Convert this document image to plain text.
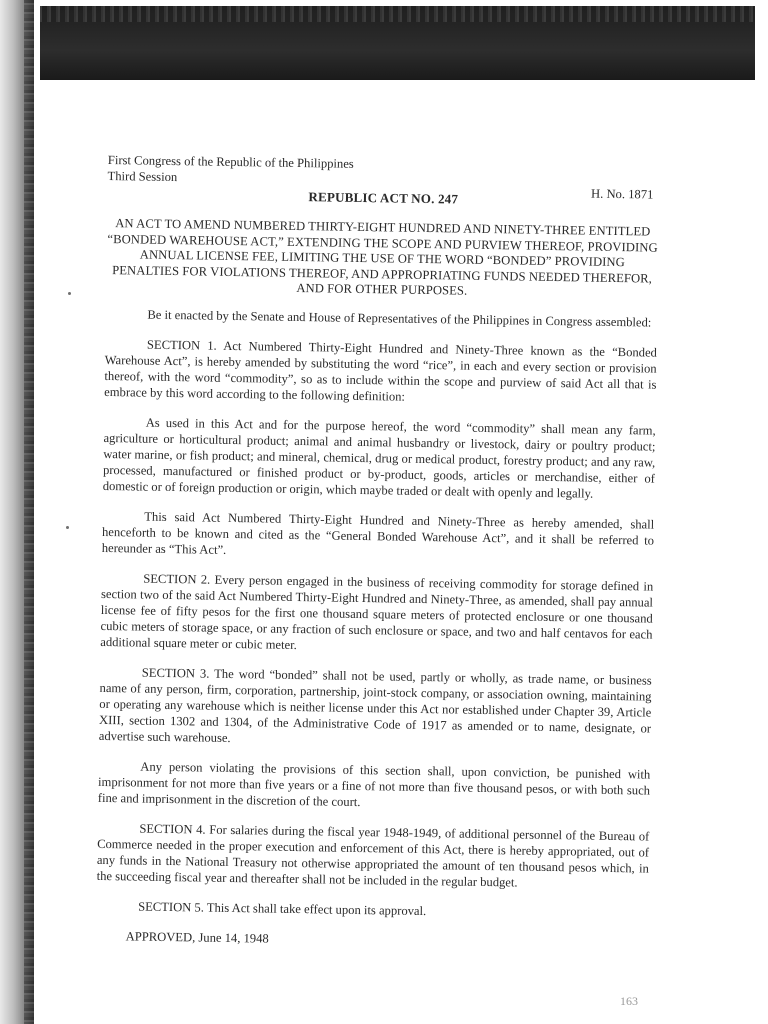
First Congress of the Republic of the Philippines
Third Session
H. No. 1871
REPUBLIC ACT NO. 247
AN ACT TO AMEND NUMBERED THIRTY-EIGHT HUNDRED AND NINETY-THREE ENTITLED “BONDED WAREHOUSE ACT,” EXTENDING THE SCOPE AND PURVIEW THEREOF, PROVIDING ANNUAL LICENSE FEE, LIMITING THE USE OF THE WORD “BONDED” PROVIDING PENALTIES FOR VIOLATIONS THEREOF, AND APPROPRIATING FUNDS NEEDED THEREFOR, AND FOR OTHER PURPOSES.

Be it enacted by the Senate and House of Representatives of the Philippines in Congress assembled:

SECTION 1. Act Numbered Thirty-Eight Hundred and Ninety-Three known as the “Bonded Warehouse Act”, is hereby amended by substituting the word “rice”, in each and every section or provision thereof, with the word “commodity”, so as to include within the scope and purview of said Act all that is embrace by this word according to the following definition:

As used in this Act and for the purpose hereof, the word “commodity” shall mean any farm, agriculture or horticultural product; animal and animal husbandry or livestock, dairy or poultry product; water marine, or fish product; and mineral, chemical, drug or medical product, forestry product; and any raw, processed, manufactured or finished product or by-product, goods, articles or merchandise, either of domestic or of foreign production or origin, which maybe traded or dealt with openly and legally.

This said Act Numbered Thirty-Eight Hundred and Ninety-Three as hereby amended, shall henceforth to be known and cited as the “General Bonded Warehouse Act”, and it shall be referred to hereunder as “This Act”.

SECTION 2. Every person engaged in the business of receiving commodity for storage defined in section two of the said Act Numbered Thirty-Eight Hundred and Ninety-Three, as amended, shall pay annual license fee of fifty pesos for the first one thousand square meters of protected enclosure or one thousand cubic meters of storage space, or any fraction of such enclosure or space, and two and half centavos for each additional square meter or cubic meter.

SECTION 3. The word “bonded” shall not be used, partly or wholly, as trade name, or business name of any person, firm, corporation, partnership, joint-stock company, or association owning, maintaining or operating any warehouse which is neither license under this Act nor established under Chapter 39, Article XIII, section 1302 and 1304, of the Administrative Code of 1917 as amended or to name, designate, or advertise such warehouse.

Any person violating the provisions of this section shall, upon conviction, be punished with imprisonment for not more than five years or a fine of not more than five thousand pesos, or with both such fine and imprisonment in the discretion of the court.

SECTION 4. For salaries during the fiscal year 1948-1949, of additional personnel of the Bureau of Commerce needed in the proper execution and enforcement of this Act, there is hereby appropriated, out of any funds in the National Treasury not otherwise appropriated the amount of ten thousand pesos which, in the succeeding fiscal year and thereafter shall not be included in the regular budget.

SECTION 5. This Act shall take effect upon its approval.

APPROVED, June 14, 1948

163
